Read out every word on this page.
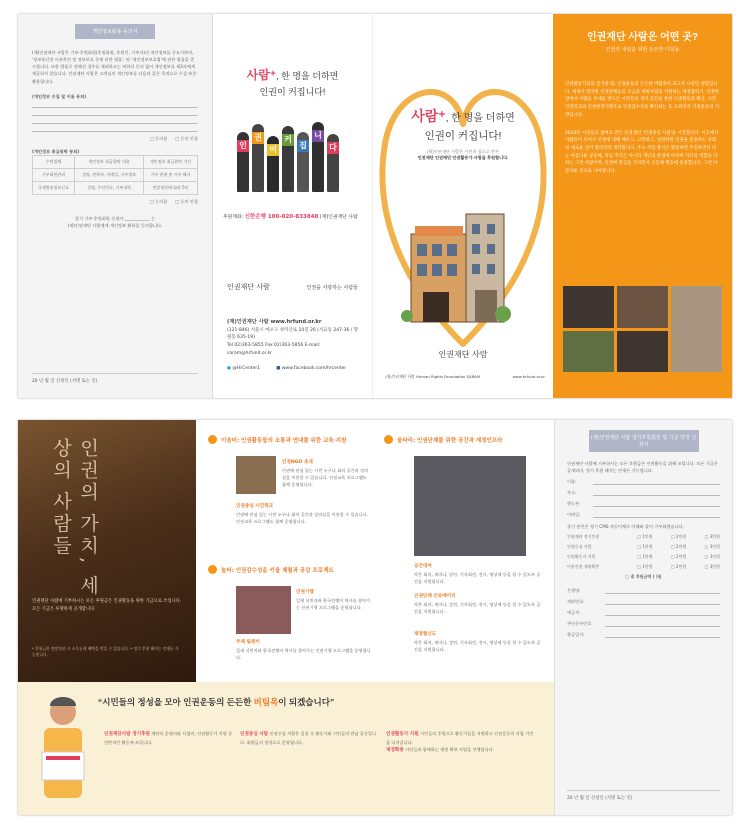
개인정보활용 동의서

(재)인권재단 사람은 기부·후원회원(후원회원, 후원인, 기부자)의 개인정보를 중요시하며, '정보통신망 이용촉진 및 정보보호 등에 관한 법률', 및 '개인정보보호법'에 관한 법률을 준수합니다. 또한 법률로 정해진 경우를 제외하고는 귀하의 동의 없이 개인정보를 제3자에게 제공하지 않습니다. 인권재단 사람은 고객님의 개인정보를 다음과 같은 목적으로 수집·보존·활용합니다.

(개인정보 수집 및 이용 동의)

□ 동의함 □ 동의 안함

(개인정보 취급위탁 동의)

수탁업체	개인정보 취급위탁 내용	개인정보 취급위탁 기간
기부회원관리	성명, 연락처, 이메일, 기부정보	기부 관계 및 기부 해지
국제방송정보신호	성명, 주민번호, 기부내역	연말정산에 따라 5년
□ 동의함 □ 동의 안함

상기 기부·후원회원 신청자 ____________ 는

(재)인권재단 사람에게 개인정보 활용을 동의합니다.

20 년 월 일 신청인 (서명 또는 인)
사람⁺, 한 명을 더하면
인권이 커집니다!
인
권
이
커
집
니
다
후원계좌: 신한은행 100-020-833848 (재)인권재단 사람
인권재단 사람	인권을 사랑하는 사람들
(재)인권재단 사람 www.hrfund.or.kr
(121-846) 서울시 마포구 성미산로 10길 26 (서교동 247-36 / 망원동 635-19)
Tel 02)363-5855 Fax 02)363-5856 E-mail: saram@hrfund.or.kr
● @HrCenter1	■ www.facebook.com/hrcenter
사람⁺, 한 명을 더하면
인권이 커집니다!
(재)인권재단 사람은 시민의 힘으로 만든
인권재단 인권재단 인권활동가 사람을 후원합니다.
인권재단 사람
(재)인권재단 사람 Human Rights Foundation SARAM	www.hrfund.or.kr
인권재단 사람은 어떤 곳?

인권의 내일을 위한 든든한 디딤돌

인권활동가들의 진지한 땀, 인권운동의 든든한 버팀목이 되고자 나섰던 설립입니다. 재정이 열악한 인권단체들의 모금과 재원사업을 지원하는 재정협력기, 인권현장에서 사람들 무대를 만드는 시민들의 생각 공간을 통한 인권활동의 확산, 시민인권학교와 인권현장기행으로 인권감수성을 확산하는 등 소외치지 인권운동의 기반입니다.

2013년 시민들의 참여로 만든 인권센터 '인권중심 사람'을 시작합니다. 이곳에서 사람들이 모여서 인권에 대해 배우고, 고민하고, 실천하면 인권을 존중하는 사회의 새로운 길이 열리리라 생각합니다. 주요 사업 방식은 활동하면 추진하면서 다는 아름다운 공동체, 먹임 주석은 아니라 개인과 관점에 마치며 자신의 역할을 다하는 그런 사람이며, 인권에 관심을 가지면서 공동체 행동에 동참합니다. 그런 아름다운 곳으로 나아갑니다.

인권의 가치, 세상의 사람들

인권재단 사람에 기부하시는 모든 후원금은 인권활동을 위한 기금으로 쓰입니다. 모든 기금은 투명하게 공개합니다.

* 후원금은 연말정산 시 소득공제 혜택을 받을 수 있습니다. * 정기 후원 해지는 언제든 가능합니다.

이음터: 인권활동들의 소통과 연대를 위한 교육·지원
인권NGO 초대
인권에 관심 있는 시민 누구나 회의 공간과 강의실을 이용할 수 있습니다. 인권교육 프로그램도 함께 운영합니다.
인권중심 시민학교
인권에 관심 있는 시민 누구나 회의 공간과 강의실을 이용할 수 있습니다. 인권교육 프로그램도 함께 운영합니다.
울타리: 인권단체를 위한 공간과 재정인프라
공간대여
작은 회의, 세미나, 강연, 기자회견, 전시, 영상제 등을 할 수 있도록 공간을 지원합니다.
인권단체 인큐베이터
작은 회의, 세미나, 강연, 기자회견, 전시, 영상제 등을 할 수 있도록 공간을 지원합니다.
재정협신도
작은 회의, 세미나, 강연, 기자회견, 전시, 영상제 등을 할 수 있도록 공간을 지원합니다.
놀터: 인권감수성을 키울 체험과 공감 프로젝트
인권기행
일제 식민지와 한국전쟁의 역사를 찾아가는 인권기행 프로그램을 운영합니다.
주제 릴레이
일제 식민지와 한국전쟁의 역사를 찾아가는 인권기행 프로그램을 운영합니다.
“시민들의 정성을 모아 인권운동의 든든한 버팀목이 되겠습니다”
인권재단사람 정기후원 재단의 운영비와 사업비, 인권활동가 지원 등 전반적인 활동에 쓰입니다.
인권중심 사람 인권중심 사람은 일상 속 활동가와 시민들의 만남 공간입니다. 회원들의 정성으로 운영됩니다.
인권활동가 지원 시민들의 후원으로 활동가들을 지원하고 인권운동의 자립 기반을 다져갑니다.
재정확충 시민들과 함께하는 재정 확보 사업을 진행합니다.
(재)인권재단 사람 정기후원회원 및 기금 약정 신청서

인권재단 사람에 기부하시는 모든 후원금은 인권활동을 위해 쓰입니다. 모든 기금은 공개되며, 정기 후원 해지는 언제든 가능합니다.

이름:
주소:
핸드폰:
이메일:

상기 본인은 정기 CMS 자동이체로 아래와 같이 기부하겠습니다.

인권재단 정기후원	□ 1만원	□ 2만원	□ 3만원
인권중심 사람	□ 1만원	□ 2만원	□ 3만원
인권활동가 지원	□ 1만원	□ 2만원	□ 3만원
이웃인권 재정확충	□ 1만원	□ 2만원	□ 3만원
□ 총 후원금액 ( )원
은행명:
계좌번호:
예금주:
주민등록번호:
출금일자:
20 년 월 일 신청인 (서명 또는 인)
